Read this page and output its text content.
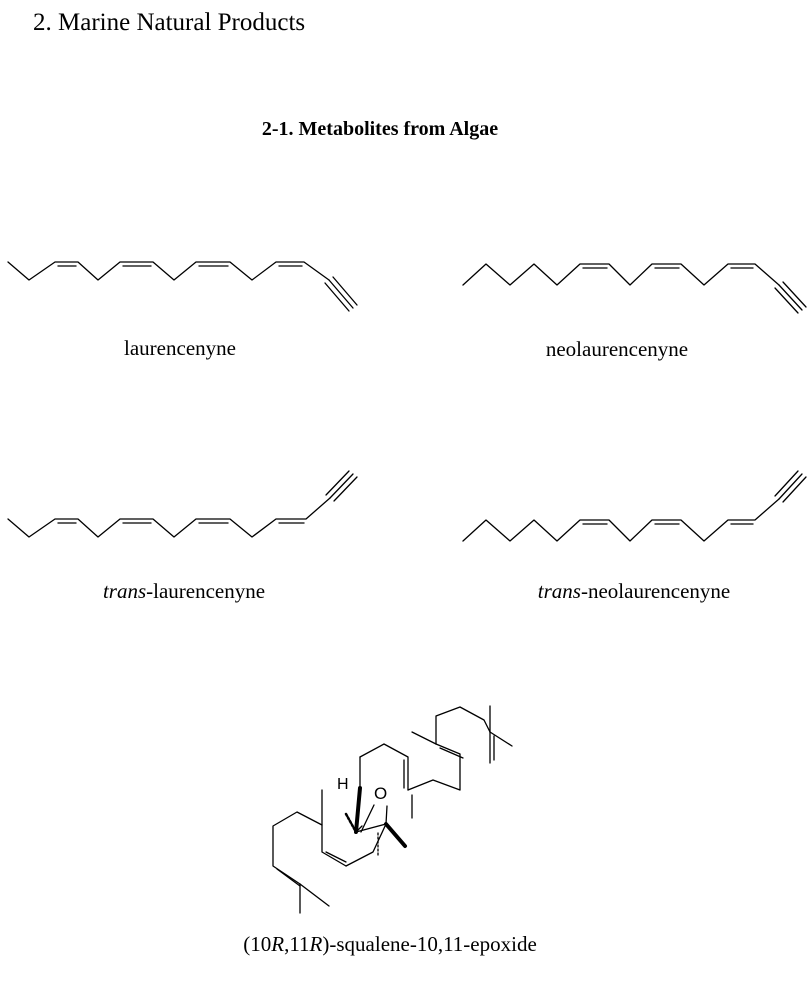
2. Marine Natural Products
2-1. Metabolites from Algae
H O
laurencenyne	neolaurencenyne
trans-laurencenyne	trans-neolaurencenyne
(10R,11R)-squalene-10,11-epoxide
